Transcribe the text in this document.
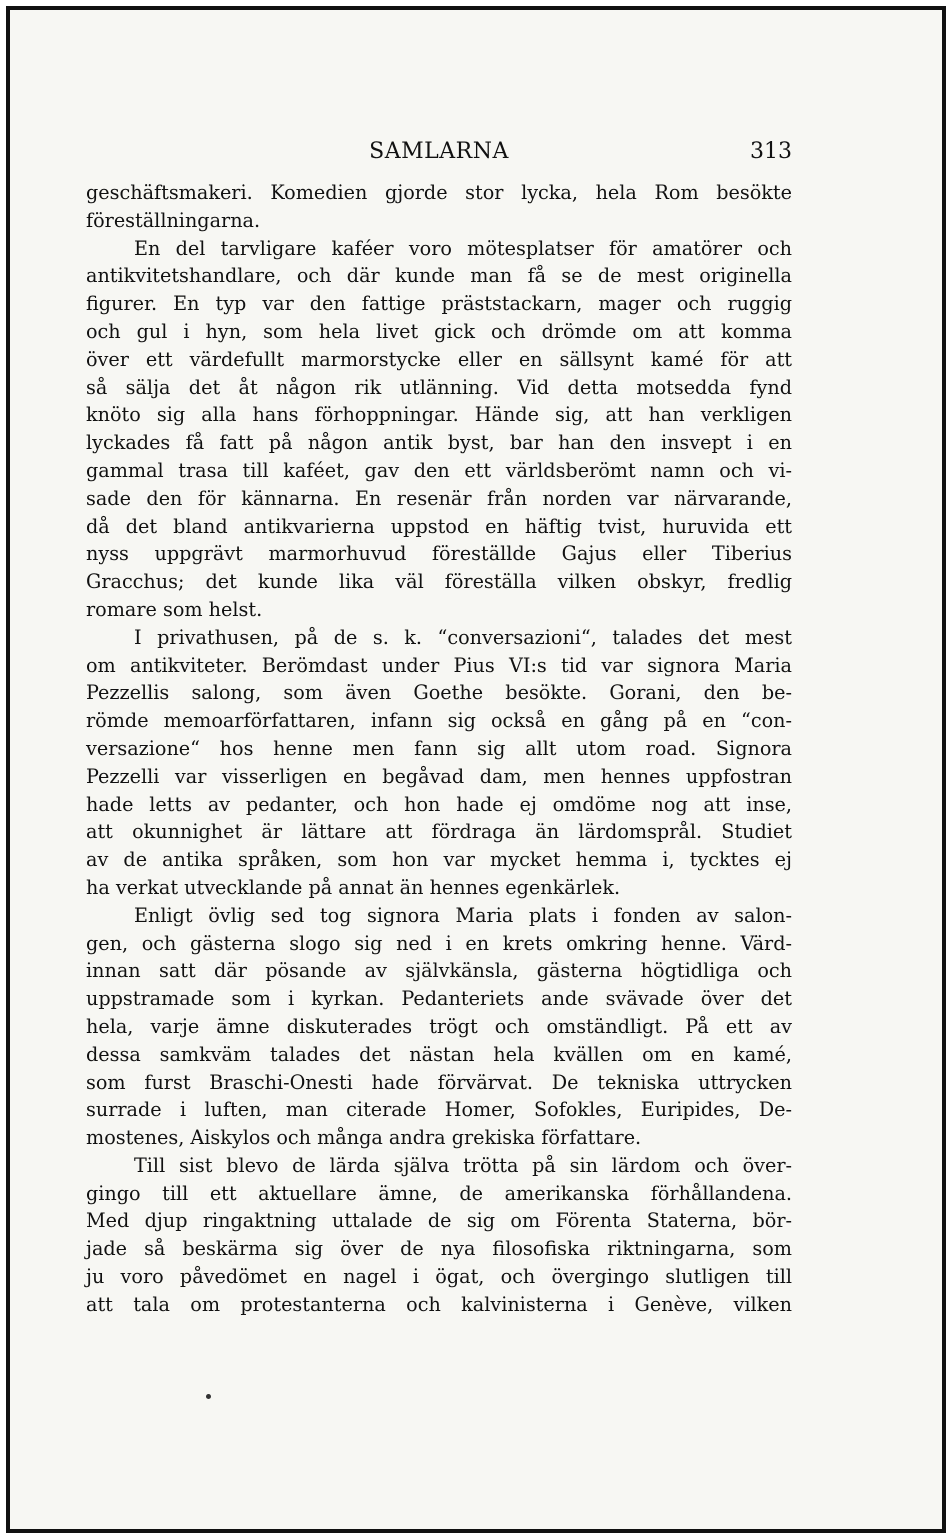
SAMLARNA	313
geschäftsmakeri. Komedien gjorde stor lycka, hela Rom besökte
föreställningarna.
En del tarvligare kaféer voro mötesplatser för amatörer och
antikvitetshandlare, och där kunde man få se de mest originella
figurer. En typ var den fattige präststackarn, mager och ruggig
och gul i hyn, som hela livet gick och drömde om att komma
över ett värdefullt marmorstycke eller en sällsynt kamé för att
så sälja det åt någon rik utlänning. Vid detta motsedda fynd
knöto sig alla hans förhoppningar. Hände sig, att han verkligen
lyckades få fatt på någon antik byst, bar han den insvept i en
gammal trasa till kaféet, gav den ett världsberömt namn och vi-
sade den för kännarna. En resenär från norden var närvarande,
då det bland antikvarierna uppstod en häftig tvist, huruvida ett
nyss uppgrävt marmorhuvud föreställde Gajus eller Tiberius
Gracchus; det kunde lika väl föreställa vilken obskyr, fredlig
romare som helst.
I privathusen, på de s. k. “conversazioni“, talades det mest
om antikviteter. Berömdast under Pius VI:s tid var signora Maria
Pezzellis salong, som även Goethe besökte. Gorani, den be-
römde memoarförfattaren, infann sig också en gång på en “con-
versazione“ hos henne men fann sig allt utom road. Signora
Pezzelli var visserligen en begåvad dam, men hennes uppfostran
hade letts av pedanter, och hon hade ej omdöme nog att inse,
att okunnighet är lättare att fördraga än lärdomsprål. Studiet
av de antika språken, som hon var mycket hemma i, tycktes ej
ha verkat utvecklande på annat än hennes egenkärlek.
Enligt övlig sed tog signora Maria plats i fonden av salon-
gen, och gästerna slogo sig ned i en krets omkring henne. Värd-
innan satt där pösande av självkänsla, gästerna högtidliga och
uppstramade som i kyrkan. Pedanteriets ande svävade över det
hela, varje ämne diskuterades trögt och omständligt. På ett av
dessa samkväm talades det nästan hela kvällen om en kamé,
som furst Braschi-Onesti hade förvärvat. De tekniska uttrycken
surrade i luften, man citerade Homer, Sofokles, Euripides, De-
mostenes, Aiskylos och många andra grekiska författare.
Till sist blevo de lärda själva trötta på sin lärdom och över-
gingo till ett aktuellare ämne, de amerikanska förhållandena.
Med djup ringaktning uttalade de sig om Förenta Staterna, bör-
jade så beskärma sig över de nya filosofiska riktningarna, som
ju voro påvedömet en nagel i ögat, och övergingo slutligen till
att tala om protestanterna och kalvinisterna i Genève, vilken
